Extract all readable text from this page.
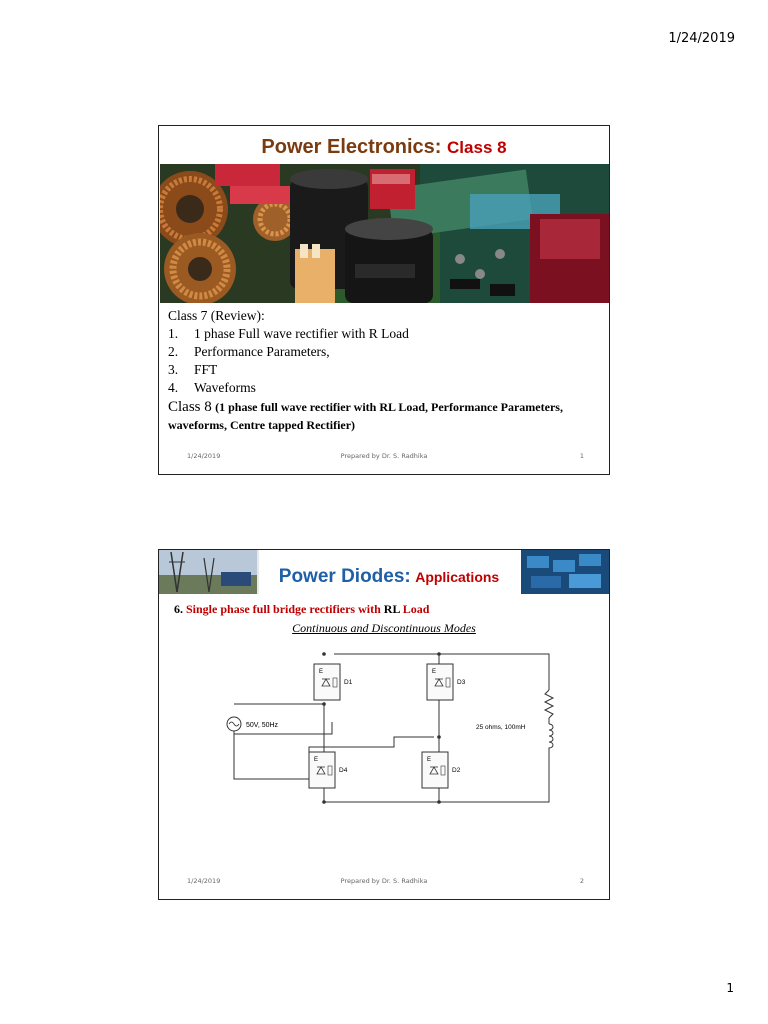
1/24/2019
Power Electronics: Class 8
Class 7 (Review):
1.	1 phase Full wave rectifier with R Load
2.	Performance Parameters,
3.	FFT
4.	Waveforms
Class 8 (1 phase full wave rectifier with RL Load, Performance Parameters, waveforms, Centre tapped Rectifier)
1/24/2019	Prepared by Dr. S. Radhika	1
Power Diodes: Applications
6. Single phase full bridge rectifiers with RL Load
Continuous and Discontinuous Modes
50V, 50Hz	25 ohms, 100mH
E
D1
E
D3
E
D4
E
D2
1/24/2019	Prepared by Dr. S. Radhika	2
1
